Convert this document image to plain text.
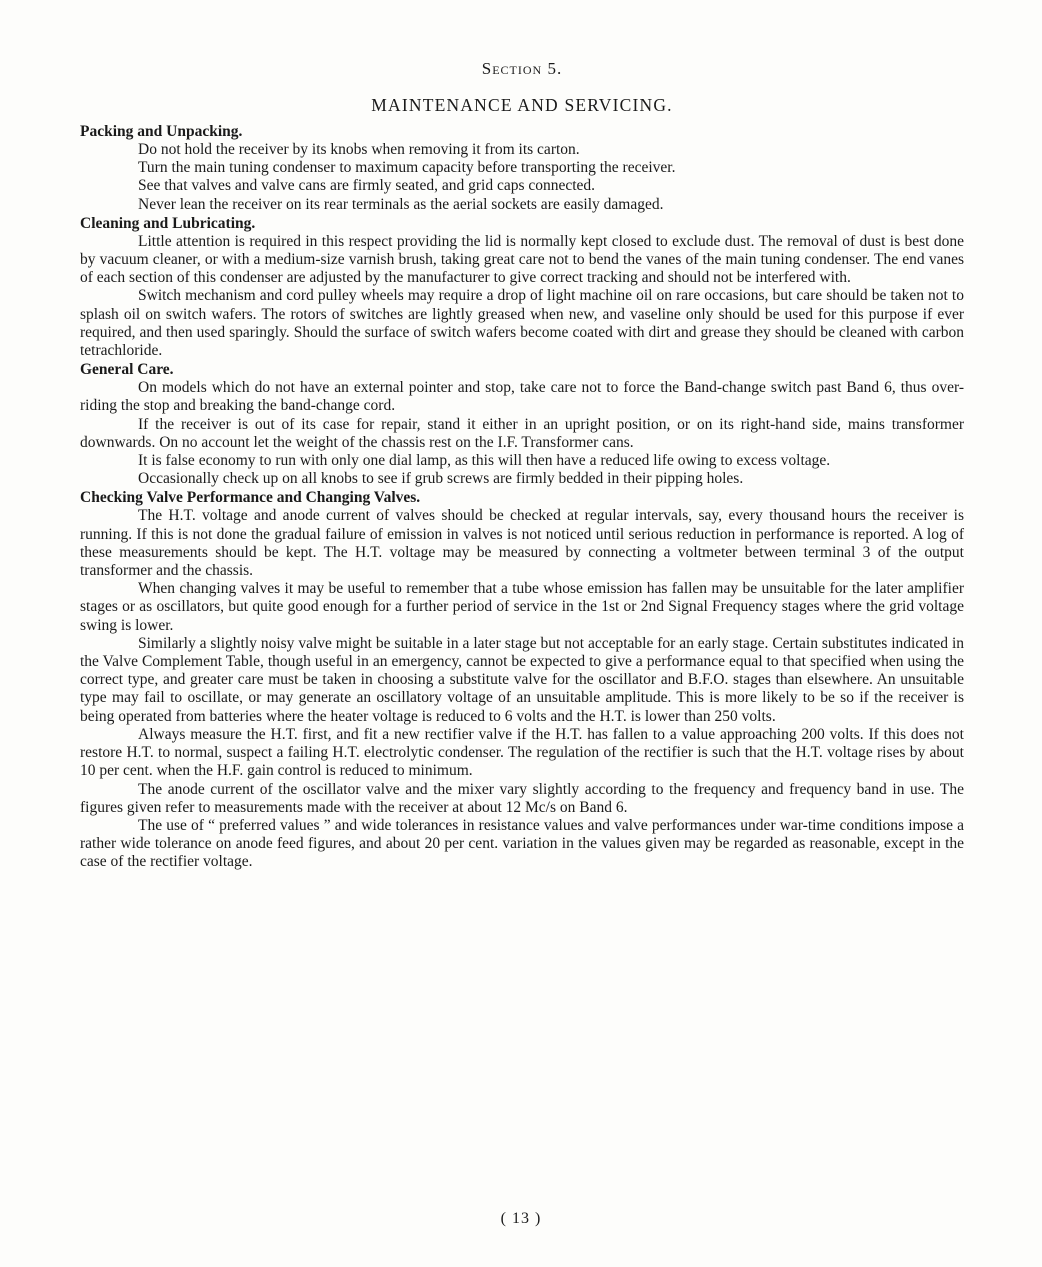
Section 5.
MAINTENANCE AND SERVICING.
Packing and Unpacking.

Do not hold the receiver by its knobs when removing it from its carton.

Turn the main tuning condenser to maximum capacity before transporting the receiver.

See that valves and valve cans are firmly seated, and grid caps connected.

Never lean the receiver on its rear terminals as the aerial sockets are easily damaged.

Cleaning and Lubricating.

Little attention is required in this respect providing the lid is normally kept closed to exclude dust. The removal of dust is best done by vacuum cleaner, or with a medium-size varnish brush, taking great care not to bend the vanes of the main tuning condenser. The end vanes of each section of this condenser are adjusted by the manufacturer to give correct tracking and should not be interfered with.

Switch mechanism and cord pulley wheels may require a drop of light machine oil on rare occasions, but care should be taken not to splash oil on switch wafers. The rotors of switches are lightly greased when new, and vaseline only should be used for this purpose if ever required, and then used sparingly. Should the surface of switch wafers become coated with dirt and grease they should be cleaned with carbon tetrachloride.

General Care.

On models which do not have an external pointer and stop, take care not to force the Band-change switch past Band 6, thus over-riding the stop and breaking the band-change cord.

If the receiver is out of its case for repair, stand it either in an upright position, or on its right-hand side, mains transformer downwards. On no account let the weight of the chassis rest on the I.F. Transformer cans.

It is false economy to run with only one dial lamp, as this will then have a reduced life owing to excess voltage.

Occasionally check up on all knobs to see if grub screws are firmly bedded in their pipping holes.

Checking Valve Performance and Changing Valves.

The H.T. voltage and anode current of valves should be checked at regular intervals, say, every thousand hours the receiver is running. If this is not done the gradual failure of emission in valves is not noticed until serious reduction in performance is reported. A log of these measurements should be kept. The H.T. voltage may be measured by connecting a voltmeter between terminal 3 of the output transformer and the chassis.

When changing valves it may be useful to remember that a tube whose emission has fallen may be unsuitable for the later amplifier stages or as oscillators, but quite good enough for a further period of service in the 1st or 2nd Signal Frequency stages where the grid voltage swing is lower.

Similarly a slightly noisy valve might be suitable in a later stage but not acceptable for an early stage. Certain substitutes indicated in the Valve Complement Table, though useful in an emergency, cannot be expected to give a performance equal to that specified when using the correct type, and greater care must be taken in choosing a substitute valve for the oscillator and B.F.O. stages than elsewhere. An unsuitable type may fail to oscillate, or may generate an oscillatory voltage of an unsuitable amplitude. This is more likely to be so if the receiver is being operated from batteries where the heater voltage is reduced to 6 volts and the H.T. is lower than 250 volts.

Always measure the H.T. first, and fit a new rectifier valve if the H.T. has fallen to a value approaching 200 volts. If this does not restore H.T. to normal, suspect a failing H.T. electrolytic condenser. The regulation of the rectifier is such that the H.T. voltage rises by about 10 per cent. when the H.F. gain control is reduced to minimum.

The anode current of the oscillator valve and the mixer vary slightly according to the frequency and frequency band in use. The figures given refer to measurements made with the receiver at about 12 Mc/s on Band 6.

The use of “ preferred values ” and wide tolerances in resistance values and valve performances under war-time conditions impose a rather wide tolerance on anode feed figures, and about 20 per cent. variation in the values given may be regarded as reasonable, except in the case of the rectifier voltage.

( 13 )
